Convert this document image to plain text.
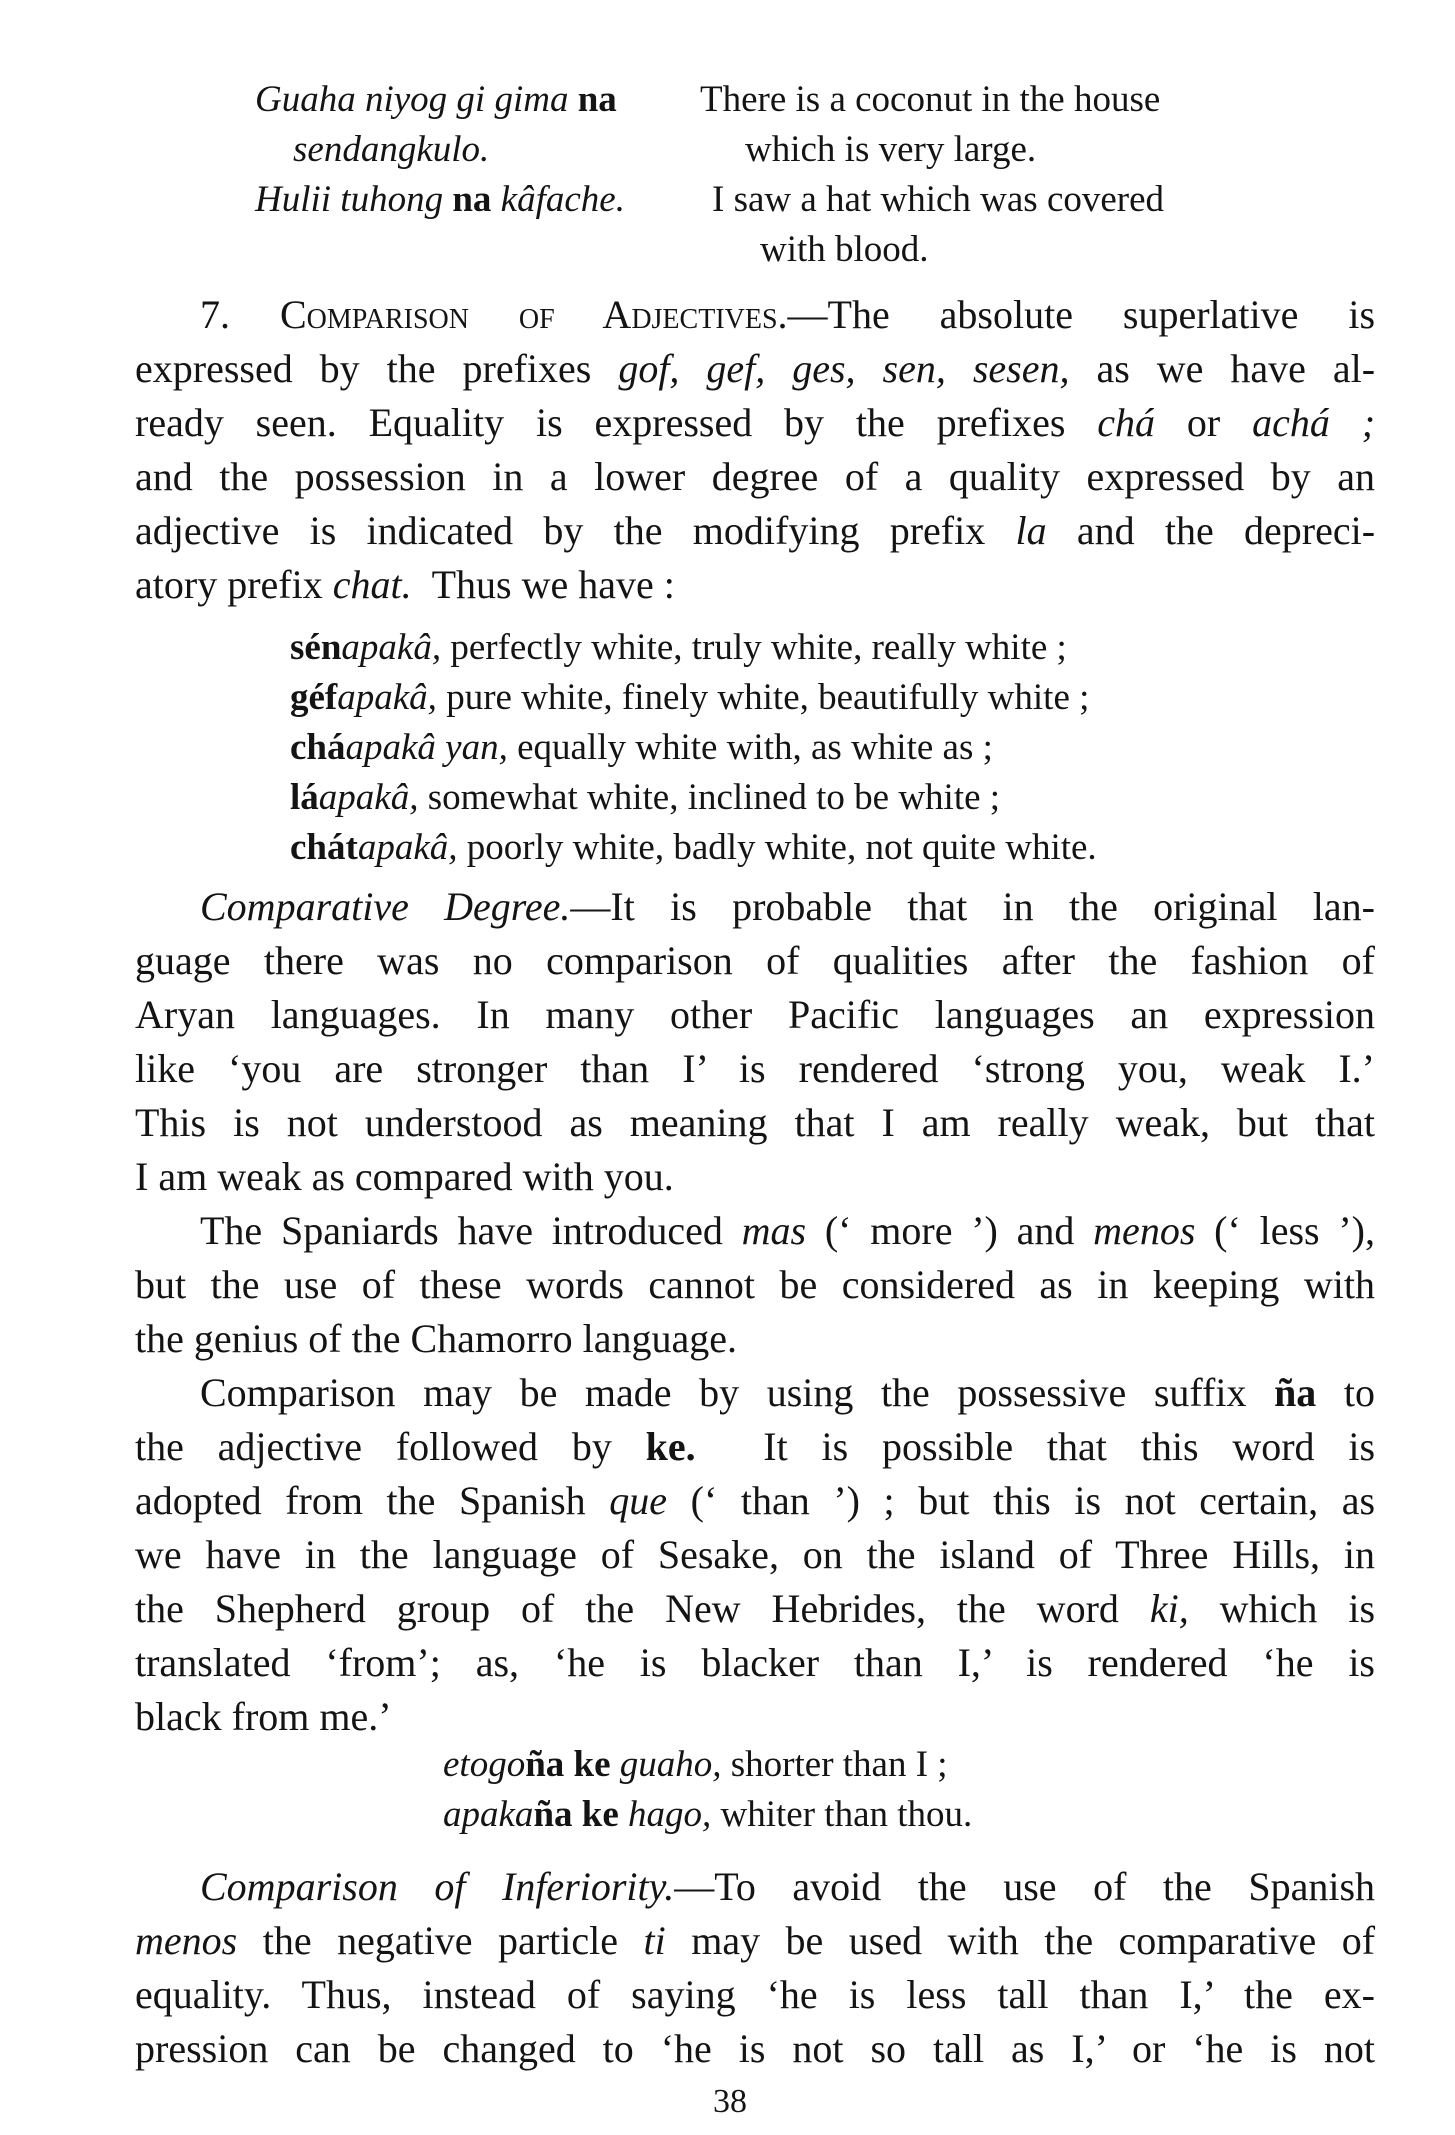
Guaha niyog gi gima na There is a coconut in the house
sendangkulo.	which is very large.
Hulii tuhong na kâfache. I saw a hat which was covered
with blood.
7. Comparison of Adjectives.—The absolute superlative is
expressed by the prefixes gof, gef, ges, sen, sesen, as we have al-
ready seen. Equality is expressed by the prefixes chá or achá ;
and the possession in a lower degree of a quality expressed by an
adjective is indicated by the modifying prefix la and the depreci-
atory prefix chat. Thus we have :
sénapakâ, perfectly white, truly white, really white ;
géfapakâ, pure white, finely white, beautifully white ;
cháapakâ yan, equally white with, as white as ;
láapakâ, somewhat white, inclined to be white ;
chátapakâ, poorly white, badly white, not quite white.
Comparative Degree.—It is probable that in the original lan-
guage there was no comparison of qualities after the fashion of
Aryan languages. In many other Pacific languages an expression
like ‘you are stronger than I’ is rendered ‘strong you, weak I.’
This is not understood as meaning that I am really weak, but that
I am weak as compared with you.
The Spaniards have introduced mas (‘ more ’) and menos (‘ less ’),
but the use of these words cannot be considered as in keeping with
the genius of the Chamorro language.
Comparison may be made by using the possessive suffix ña to
the adjective followed by ke. It is possible that this word is
adopted from the Spanish que (‘ than ’) ; but this is not certain, as
we have in the language of Sesake, on the island of Three Hills, in
the Shepherd group of the New Hebrides, the word ki, which is
translated ‘from’; as, ‘he is blacker than I,’ is rendered ‘he is
black from me.’
etogoña ke guaho, shorter than I ;
apakaña ke hago, whiter than thou.
Comparison of Inferiority.—To avoid the use of the Spanish
menos the negative particle ti may be used with the comparative of
equality. Thus, instead of saying ‘he is less tall than I,’ the ex-
pression can be changed to ‘he is not so tall as I,’ or ‘he is not
38
